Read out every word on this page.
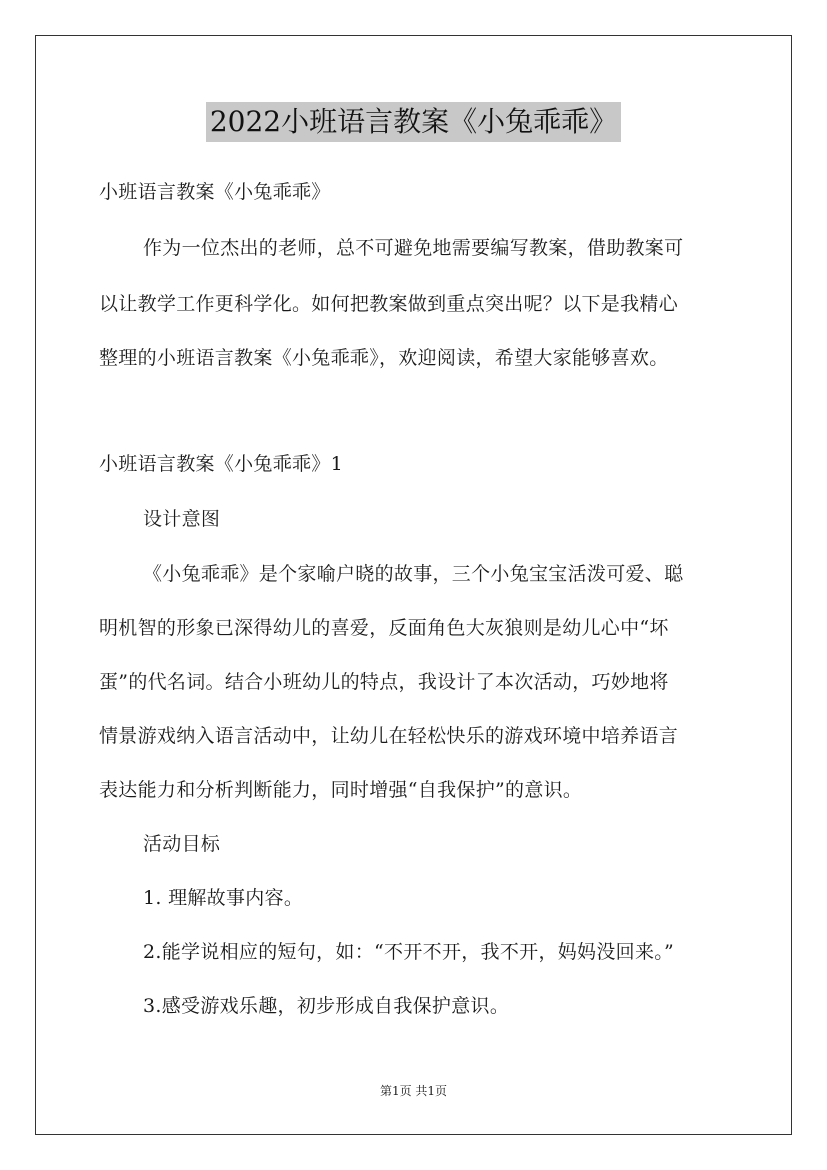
2022小班语言教案《小兔乖乖》
小班语言教案《小兔乖乖》
作为一位杰出的老师，总不可避免地需要编写教案，借助教案可
以让教学工作更科学化。如何把教案做到重点突出呢？以下是我精心
整理的小班语言教案《小兔乖乖》，欢迎阅读，希望大家能够喜欢。
小班语言教案《小兔乖乖》1
设计意图
《小兔乖乖》是个家喻户晓的故事，三个小兔宝宝活泼可爱、聪
明机智的形象已深得幼儿的喜爱，反面角色大灰狼则是幼儿心中“坏
蛋”的代名词。结合小班幼儿的特点，我设计了本次活动，巧妙地将
情景游戏纳入语言活动中，让幼儿在轻松快乐的游戏环境中培养语言
表达能力和分析判断能力，同时增强“自我保护”的意识。
活动目标
1. 理解故事内容。
2.能学说相应的短句，如：“不开不开，我不开，妈妈没回来。”
3.感受游戏乐趣，初步形成自我保护意识。
第1页 共1页
